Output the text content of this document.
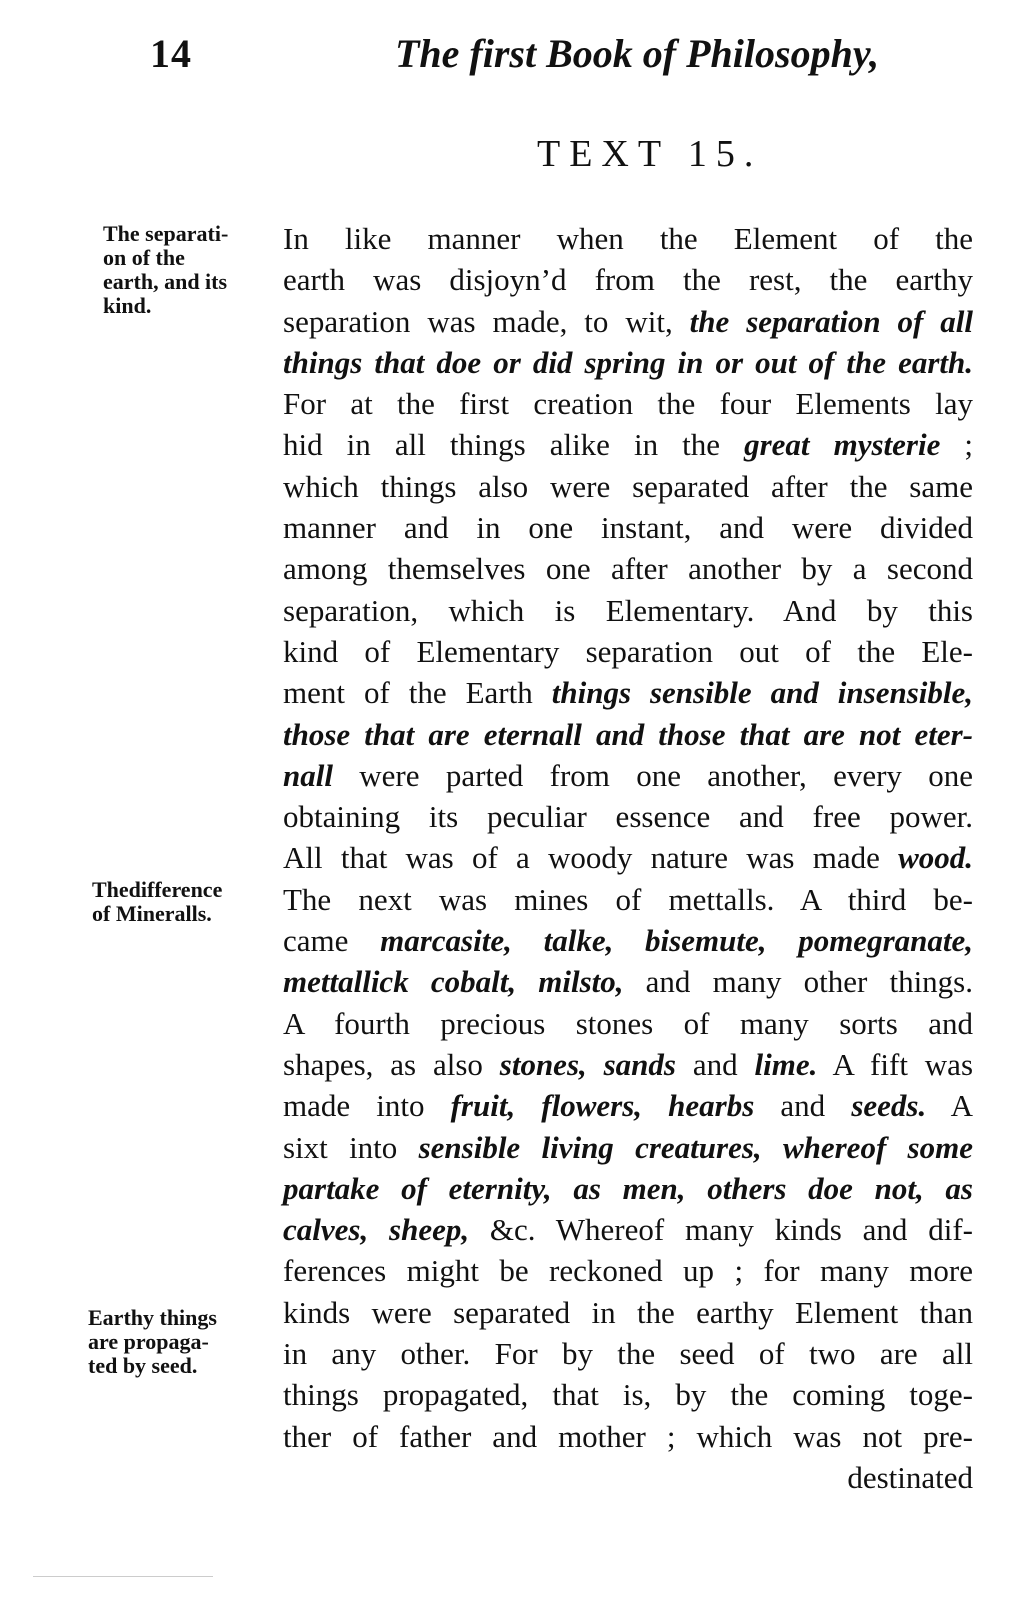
14	The first Book of Philosophy,
TEXT 15.
The separati-
on of the
earth, and its
kind.
Thedifference
of Mineralls.
Earthy things
are propaga-
ted by seed.
In like manner when the Element of the
earth was disjoyn’d from the rest, the earthy
separation was made, to wit, the separation of all
things that doe or did spring in or out of the earth.
For at the first creation the four Elements lay
hid in all things alike in the great mysterie ;
which things also were separated after the same
manner and in one instant, and were divided
among themselves one after another by a second
separation, which is Elementary. And by this
kind of Elementary separation out of the Ele-
ment of the Earth things sensible and insensible,
those that are eternall and those that are not eter-
nall were parted from one another, every one
obtaining its peculiar essence and free power.
All that was of a woody nature was made wood.
The next was mines of mettalls. A third be-
came marcasite, talke, bisemute, pomegranate,
mettallick cobalt, milsto, and many other things.
A fourth precious stones of many sorts and
shapes, as also stones, sands and lime. A fift was
made into fruit, flowers, hearbs and seeds. A
sixt into sensible living creatures, whereof some
partake of eternity, as men, others doe not, as
calves, sheep, &c. Whereof many kinds and dif-
ferences might be reckoned up ; for many more
kinds were separated in the earthy Element than
in any other. For by the seed of two are all
things propagated, that is, by the coming toge-
ther of father and mother ; which was not pre-
destinated
